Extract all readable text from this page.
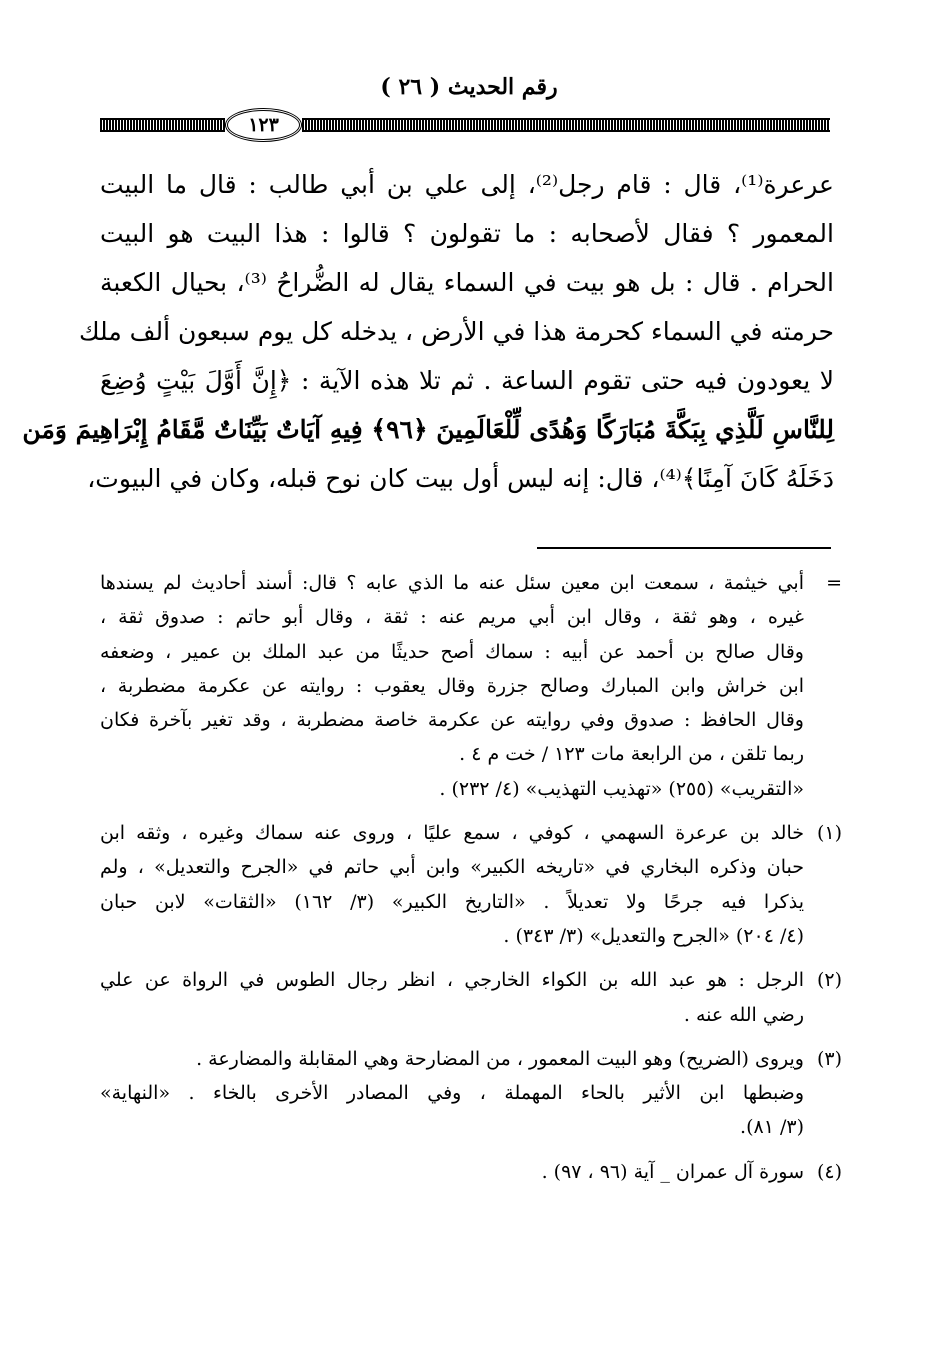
رقم الحديث ( ٢٦ )
١٢٣
عرعرة⁽¹⁾، قال : قام رجل⁽²⁾، إلى علي بن أبي طالب : قال ما البيت
المعمور ؟ فقال لأصحابه : ما تقولون ؟ قالوا : هذا البيت هو البيت
الحرام . قال : بل هو بيت في السماء يقال له الضُّراحُ ⁽³⁾، بحيال الكعبة
حرمته في السماء كحرمة هذا في الأرض ، يدخله كل يوم سبعون ألف ملك
لا يعودون فيه حتى تقوم الساعة . ثم تلا هذه الآية : ﴿إِنَّ أَوَّلَ بَيْتٍ وُضِعَ
لِلنَّاسِ لَلَّذِي بِبَكَّةَ مُبَارَكًا وَهُدًى لِّلْعَالَمِينَ ﴿٩٦﴾ فِيهِ آيَاتٌ بَيِّنَاتٌ مَّقَامُ إِبْرَاهِيمَ وَمَن
دَخَلَهُ كَانَ آمِنًا﴾⁽⁴⁾، قال: إنه ليس أول بيت كان نوح قبله، وكان في البيوت،
=أبي خيثمة ، سمعت ابن معين سئل عنه ما الذي عابه ؟ قال: أسند أحاديث لم يسندها
غيره ، وهو ثقة ، وقال ابن أبي مريم عنه : ثقة ، وقال أبو حاتم : صدوق ثقة ،
وقال صالح بن أحمد عن أبيه : سماك أصح حديثًا من عبد الملك بن عمير ، وضعفه
ابن خراش وابن المبارك وصالح جزرة وقال يعقوب : روايته عن عكرمة مضطربة ،
وقال الحافظ : صدوق وفي روايته عن عكرمة خاصة مضطربة ، وقد تغير بآخرة فكان
ربما تلقن ، من الرابعة مات ١٢٣ / خت م ٤ .
«التقريب» (٢٥٥) «تهذيب التهذيب» (٤/ ٢٣٢) .
(١)خالد بن عرعرة السهمي ، كوفي ، سمع عليًا ، وروى عنه سماك وغيره ، وثقه ابن
حبان وذكره البخاري في «تاريخه الكبير» وابن أبي حاتم في «الجرح والتعديل» ، ولم
يذكرا فيه جرحًا ولا تعديلاً . «التاريخ الكبير» (٣/ ١٦٢) «الثقات» لابن حبان
(٤/ ٢٠٤) «الجرح والتعديل» (٣/ ٣٤٣) .
(٢)الرجل : هو عبد الله بن الكواء الخارجي ، انظر رجال الطوس في الرواة عن علي
رضي الله عنه .
(٣)ويروى (الضريح) وهو البيت المعمور ، من المضارحة وهي المقابلة والمضارعة .
وضبطها ابن الأثير بالحاء المهملة ، وفي المصادر الأخرى بالخاء . «النهاية»
(٣/ ٨١).
(٤)سورة آل عمران _ آية (٩٦ ، ٩٧) .
